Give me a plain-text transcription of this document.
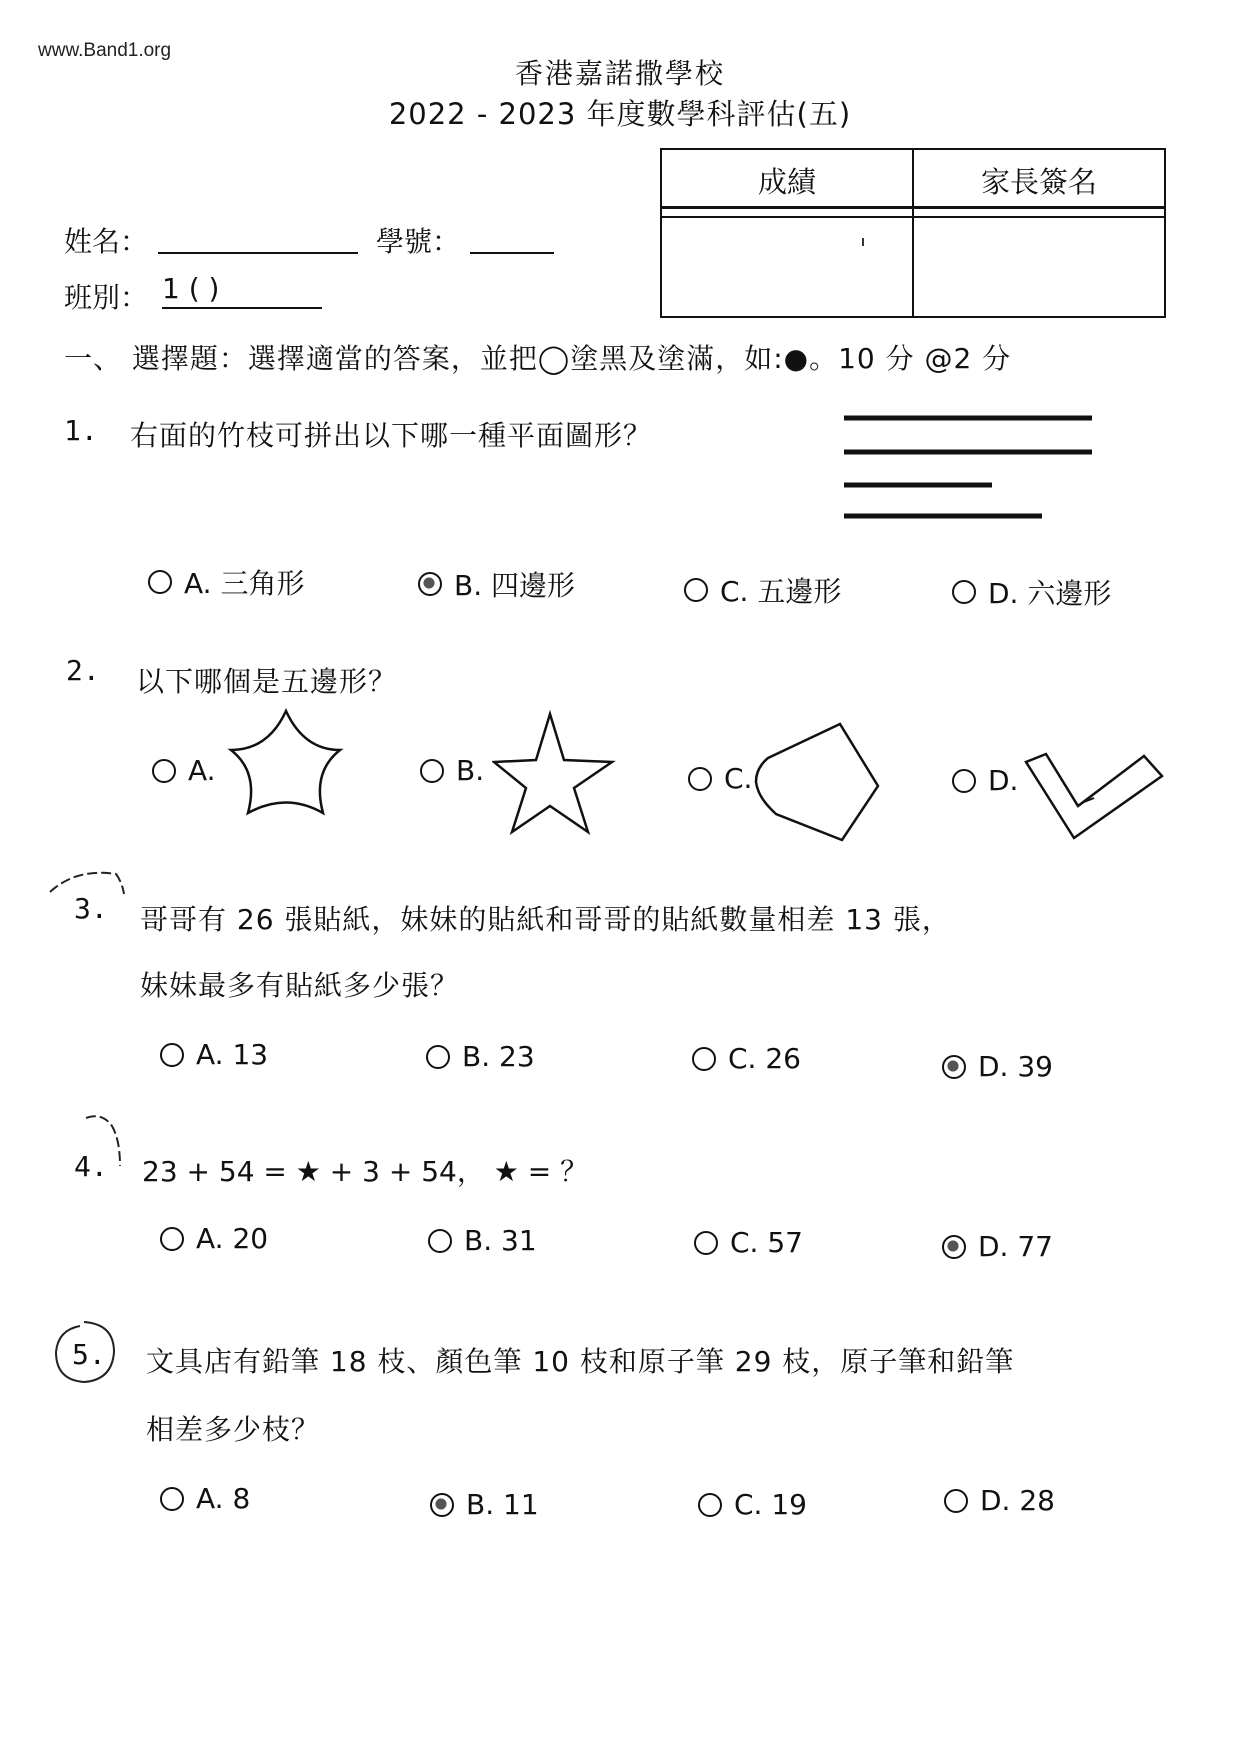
www.Band1.org
香港嘉諾撒學校
2022 - 2023 年度數學科評估(五)
成績	家長簽名
姓名：	學號：
班別： 1 ( )
一、 選擇題：選擇適當的答案，並把◯塗黑及塗滿，如:●。10 分 @2 分
1. 右面的竹枝可拼出以下哪一種平面圖形？
A. 三角形	B. 四邊形	C. 五邊形	D. 六邊形
2. 以下哪個是五邊形？
A.	B.	C.	D.
3. 哥哥有 26 張貼紙，妹妹的貼紙和哥哥的貼紙數量相差 13 張，
妹妹最多有貼紙多少張？
A. 13	B. 23	C. 26	D. 39
4. 23 + 54 = ★ + 3 + 54， ★ = ？
A. 20	B. 31	C. 57	D. 77
5. 文具店有鉛筆 18 枝、顏色筆 10 枝和原子筆 29 枝，原子筆和鉛筆
相差多少枝？
A. 8	B. 11	C. 19	D. 28
